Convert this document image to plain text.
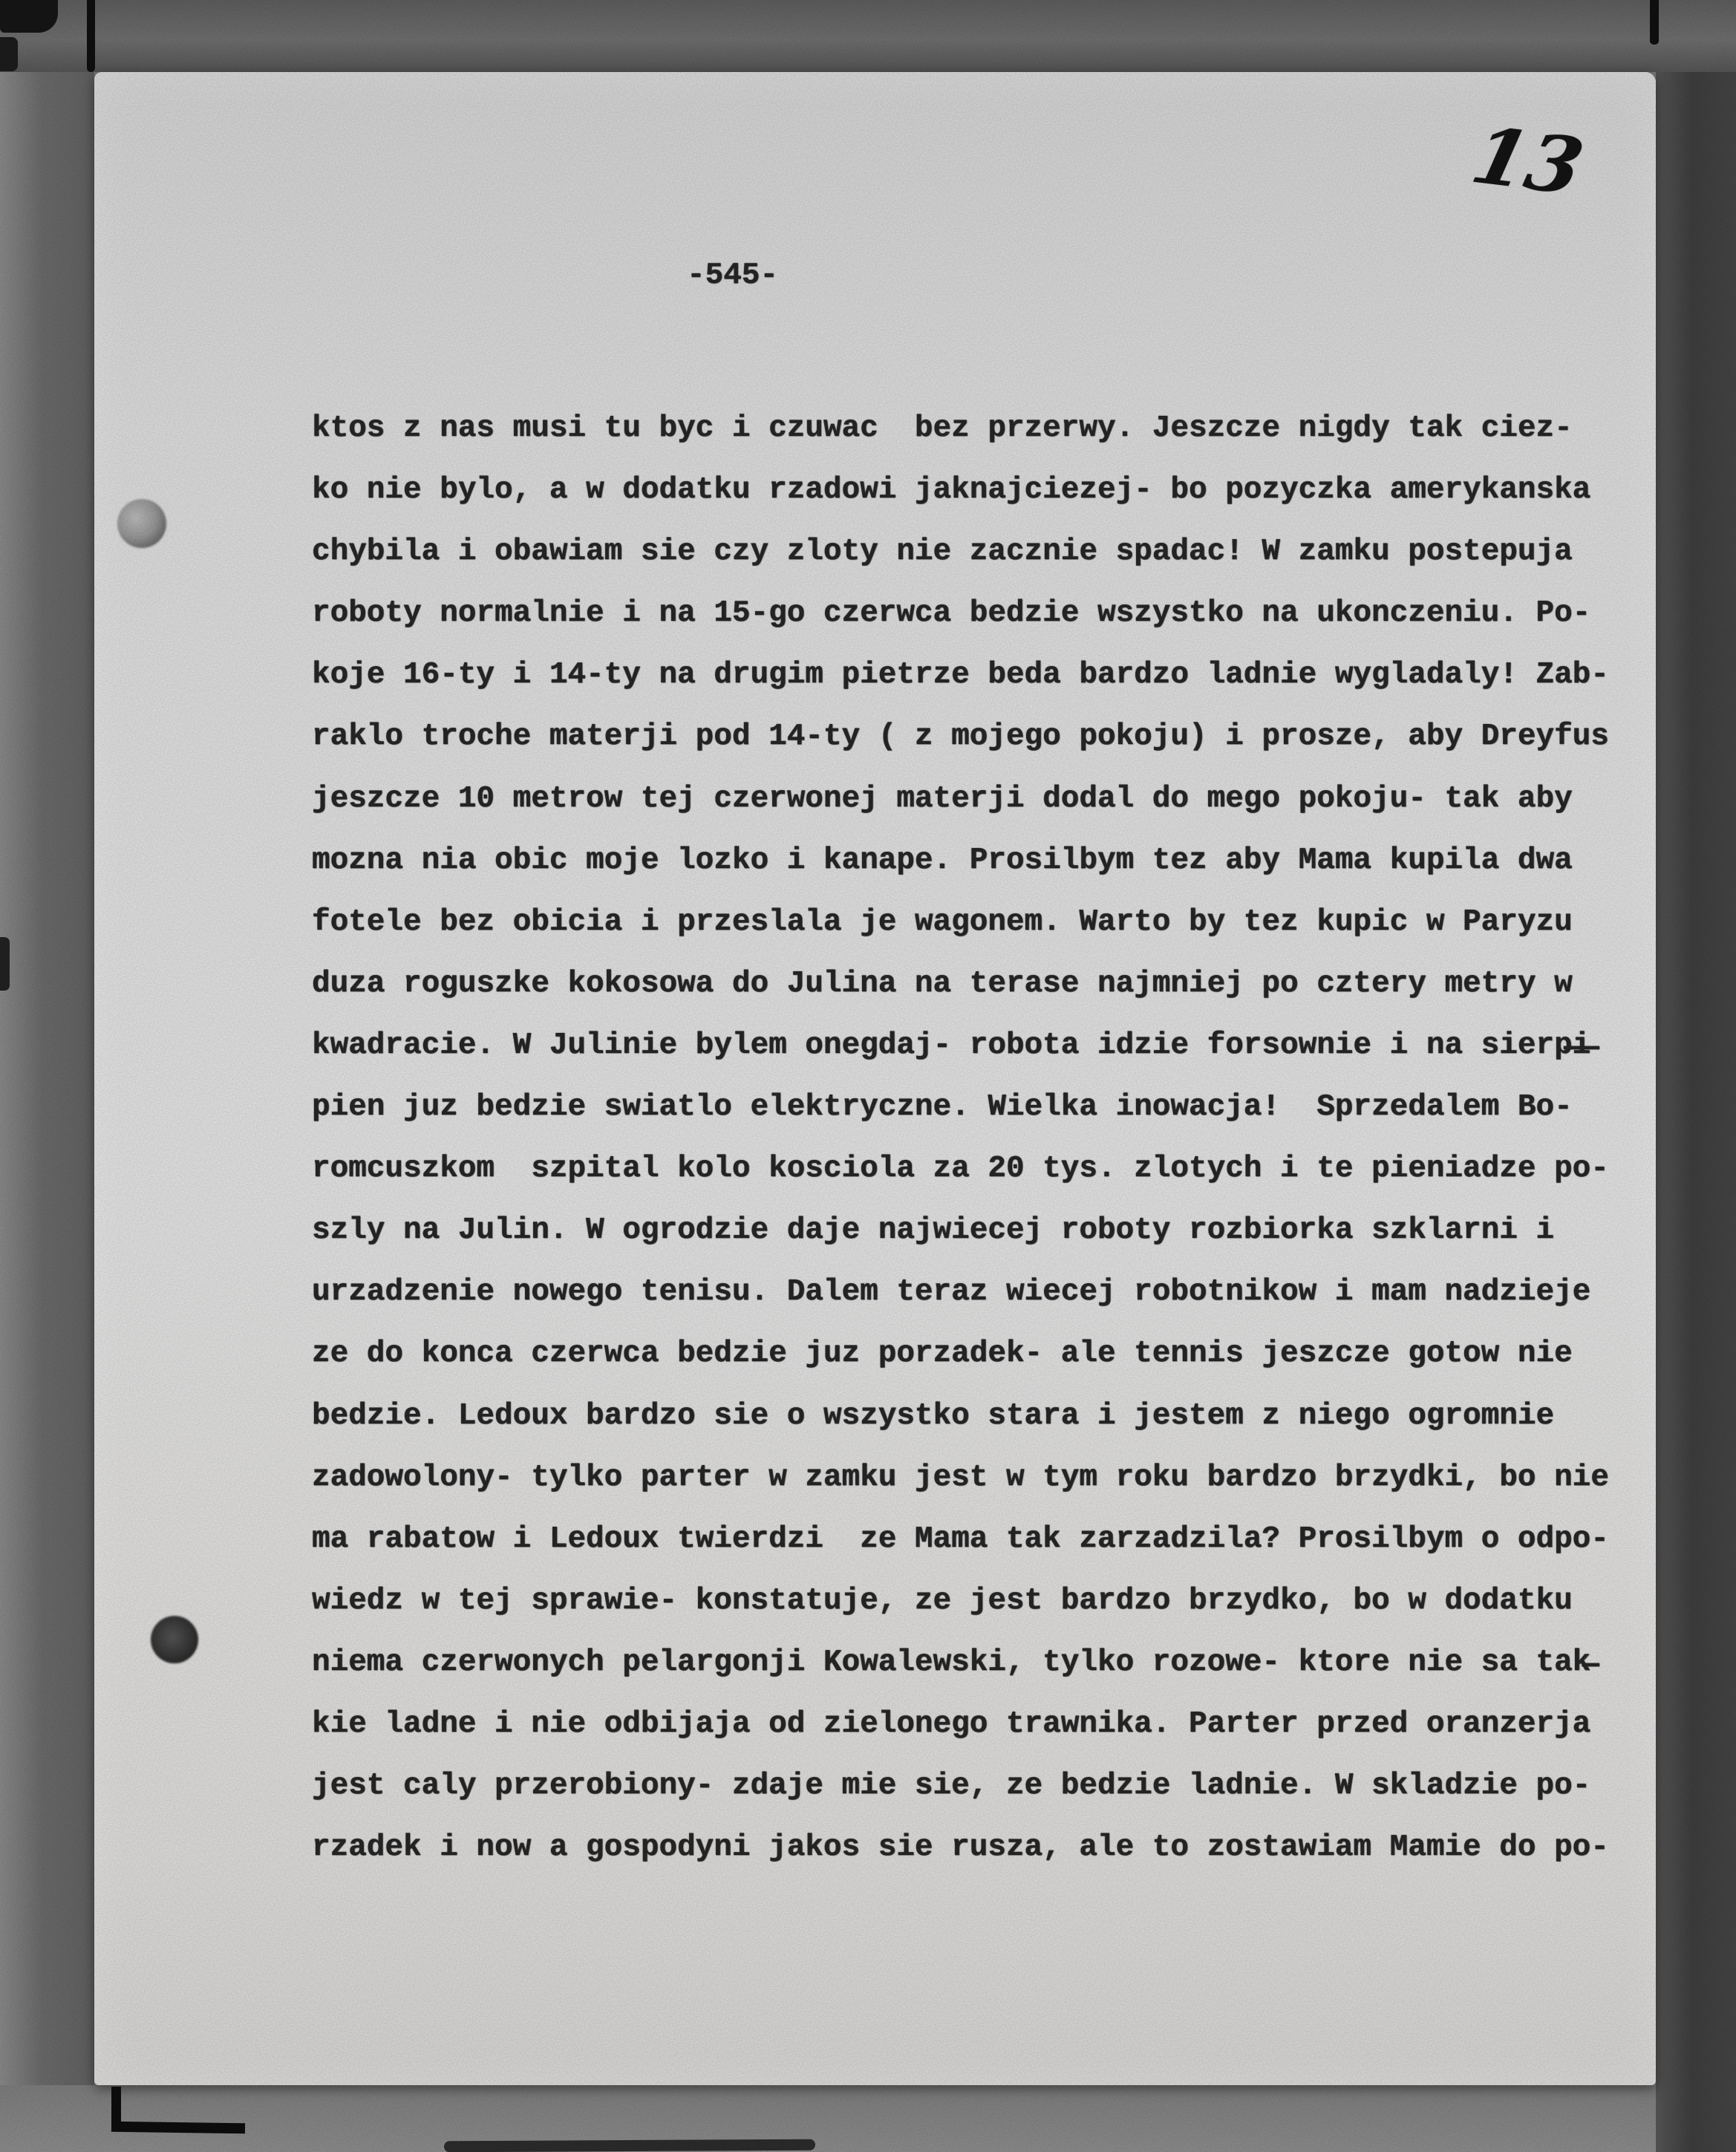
13
-545-
ktos z nas musi tu byc i czuwac  bez przerwy. Jeszcze nigdy tak ciez-
ko nie bylo, a w dodatku rzadowi jaknajciezej- bo pozyczka amerykanska
chybila i obawiam sie czy zloty nie zacznie spadac! W zamku postepuja
roboty normalnie i na 15-go czerwca bedzie wszystko na ukonczeniu. Po-
koje 16-ty i 14-ty na drugim pietrze beda bardzo ladnie wygladaly! Zab-
raklo troche materji pod 14-ty ( z mojego pokoju) i prosze, aby Dreyfus
jeszcze 10 metrow tej czerwonej materji dodal do mego pokoju- tak aby
mozna nia obic moje lozko i kanape. Prosilbym tez aby Mama kupila dwa
fotele bez obicia i przeslala je wagonem. Warto by tez kupic w Paryzu
duza roguszke kokosowa do Julina na terase najmniej po cztery metry w
kwadracie. W Julinie bylem onegdaj- robota idzie forsownie i na sierp̶i̶
pien juz bedzie swiatlo elektryczne. Wielka inowacja!  Sprzedalem Bo-
romcuszkom  szpital kolo kosciola za 20 tys. zlotych i te pieniadze po-
szly na Julin. W ogrodzie daje najwiecej roboty rozbiorka szklarni i
urzadzenie nowego tenisu. Dalem teraz wiecej robotnikow i mam nadzieje
ze do konca czerwca bedzie juz porzadek- ale tennis jeszcze gotow nie
bedzie. Ledoux bardzo sie o wszystko stara i jestem z niego ogromnie
zadowolony- tylko parter w zamku jest w tym roku bardzo brzydki, bo nie
ma rabatow i Ledoux twierdzi  ze Mama tak zarzadzila? Prosilbym o odpo-
wiedz w tej sprawie- konstatuje, ze jest bardzo brzydko, bo w dodatku
niema czerwonych pelargonji Kowalewski, tylko rozowe- ktore nie sa tak̶
kie ladne i nie odbijaja od zielonego trawnika. Parter przed oranzerja
jest caly przerobiony- zdaje mie sie, ze bedzie ladnie. W skladzie po-
rzadek i now a gospodyni jakos sie rusza, ale to zostawiam Mamie do po-
